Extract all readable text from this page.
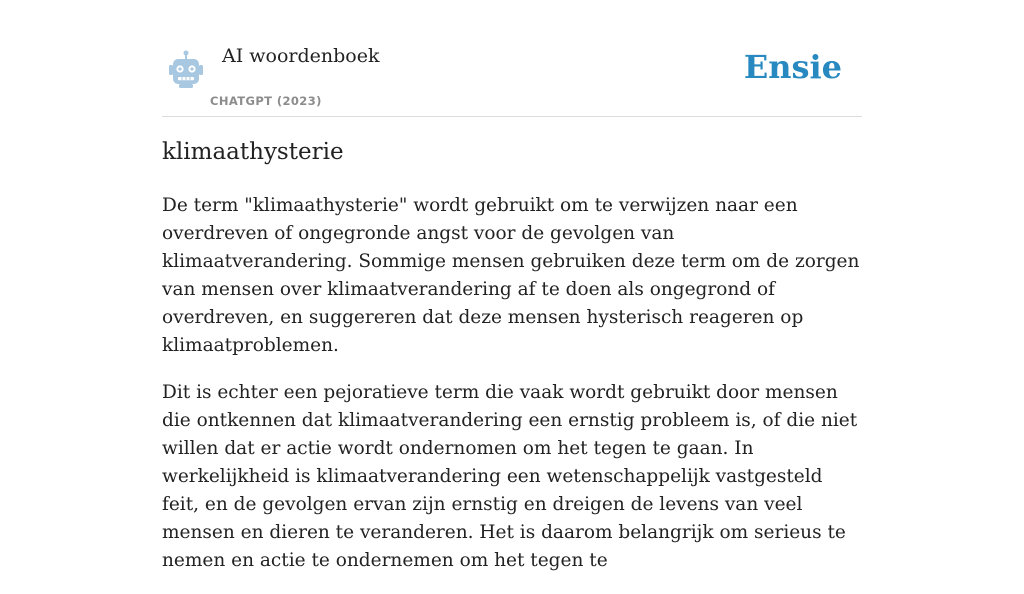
AI woordenboek
CHATGPT (2023)
Ensie
klimaathysterie

De term "klimaathysterie" wordt gebruikt om te verwijzen naar een overdreven of ongegronde angst voor de gevolgen van klimaatverandering. Sommige mensen gebruiken deze term om de zorgen van mensen over klimaatverandering af te doen als ongegrond of overdreven, en suggereren dat deze mensen hysterisch reageren op klimaatproblemen.

Dit is echter een pejoratieve term die vaak wordt gebruikt door mensen die ontkennen dat klimaatverandering een ernstig probleem is, of die niet willen dat er actie wordt ondernomen om het tegen te gaan. In werkelijkheid is klimaatverandering een wetenschappelijk vastgesteld feit, en de gevolgen ervan zijn ernstig en dreigen de levens van veel mensen en dieren te veranderen. Het is daarom belangrijk om serieus te nemen en actie te ondernemen om het tegen te
